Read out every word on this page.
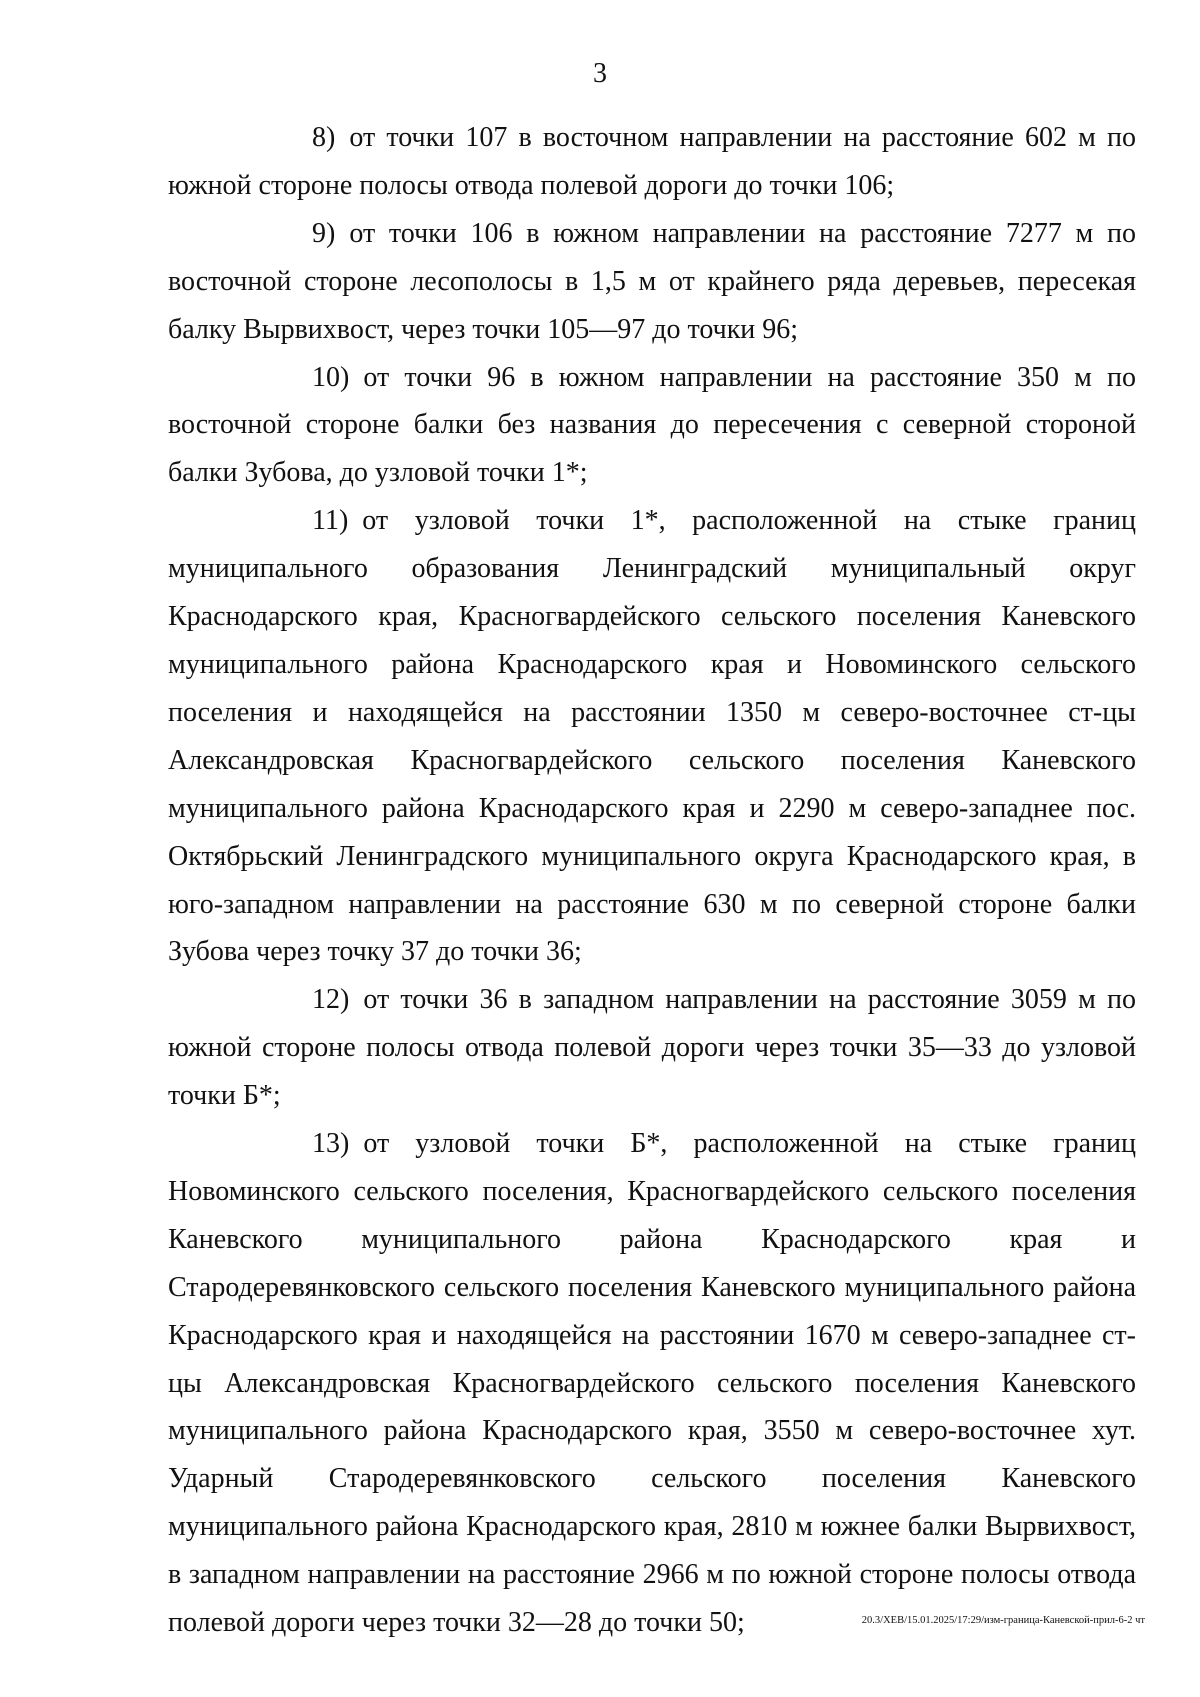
3

8) от точки 107 в восточном направлении на расстояние 602 м по южной стороне полосы отвода полевой дороги до точки 106;

9) от точки 106 в южном направлении на расстояние 7277 м по восточной стороне лесополосы в 1,5 м от крайнего ряда деревьев, пересекая балку Вырвихвост, через точки 105—97 до точки 96;

10) от точки 96 в южном направлении на расстояние 350 м по восточной стороне балки без названия до пересечения с северной стороной балки Зубова, до узловой точки 1*;

11) от узловой точки 1*, расположенной на стыке границ муниципального образования Ленинградский муниципальный округ Краснодарского края, Красногвардейского сельского поселения Каневского муниципального района Краснодарского края и Новоминского сельского поселения и находящейся на расстоянии 1350 м северо-восточнее ст-цы Александровская Красногвардейского сельского поселения Каневского муниципального района Краснодарского края и 2290 м северо-западнее пос. Октябрьский Ленинградского муниципального округа Краснодарского края, в юго-западном направлении на расстояние 630 м по северной стороне балки Зубова через точку 37 до точки 36;

12) от точки 36 в западном направлении на расстояние 3059 м по южной стороне полосы отвода полевой дороги через точки 35—33 до узловой точки Б*;

13) от узловой точки Б*, расположенной на стыке границ Новоминского сельского поселения, Красногвардейского сельского поселения Каневского муниципального района Краснодарского края и Стародеревянковского сельского поселения Каневского муниципального района Краснодарского края и находящейся на расстоянии 1670 м северо-западнее ст-цы Александровская Красногвардейского сельского поселения Каневского муниципального района Краснодарского края, 3550 м северо-восточнее хут. Ударный Стародеревянковского сельского поселения Каневского муниципального района Краснодарского края, 2810 м южнее балки Вырвихвост, в западном направлении на расстояние 2966 м по южной стороне полосы отвода полевой дороги через точки 32—28 до точки 50;	20.3/ХЕВ/15.01.2025/17:29/изм-граница-Каневской-прил-6-2 чт
